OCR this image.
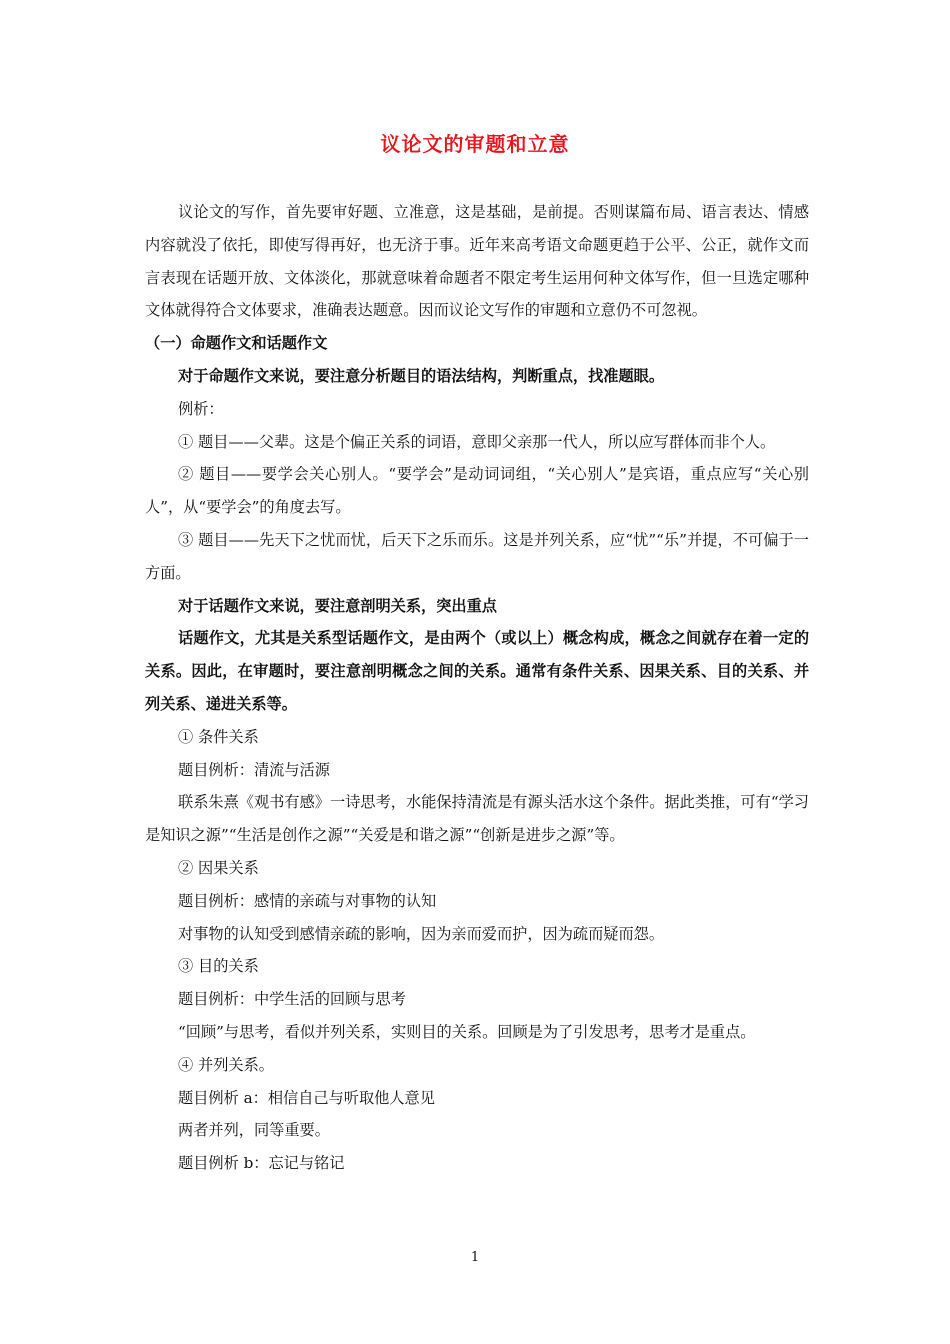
议论文的审题和立意

议论文的写作，首先要审好题、立准意，这是基础，是前提。否则谋篇布局、语言表达、情感内容就没了依托，即使写得再好，也无济于事。近年来高考语文命题更趋于公平、公正，就作文而言表现在话题开放、文体淡化，那就意味着命题者不限定考生运用何种文体写作，但一旦选定哪种文体就得符合文体要求，准确表达题意。因而议论文写作的审题和立意仍不可忽视。

（一）命题作文和话题作文

对于命题作文来说，要注意分析题目的语法结构，判断重点，找准题眼。

例析：

① 题目——父辈。这是个偏正关系的词语，意即父亲那一代人，所以应写群体而非个人。

② 题目——要学会关心别人。“要学会”是动词词组，“关心别人”是宾语，重点应写“关心别人”，从“要学会”的角度去写。

③ 题目——先天下之忧而忧，后天下之乐而乐。这是并列关系，应“忧”“乐”并提，不可偏于一方面。

对于话题作文来说，要注意剖明关系，突出重点

话题作文，尤其是关系型话题作文，是由两个（或以上）概念构成，概念之间就存在着一定的关系。因此，在审题时，要注意剖明概念之间的关系。通常有条件关系、因果关系、目的关系、并列关系、递进关系等。

① 条件关系

题目例析：清流与活源

联系朱熹《观书有感》一诗思考，水能保持清流是有源头活水这个条件。据此类推，可有“学习是知识之源”“生活是创作之源”“关爱是和谐之源”“创新是进步之源”等。

② 因果关系

题目例析：感情的亲疏与对事物的认知

对事物的认知受到感情亲疏的影响，因为亲而爱而护，因为疏而疑而怨。

③ 目的关系

题目例析：中学生活的回顾与思考

“回顾”与思考，看似并列关系，实则目的关系。回顾是为了引发思考，思考才是重点。

④ 并列关系。

题目例析 a：相信自己与听取他人意见

两者并列，同等重要。

题目例析 b：忘记与铭记

1
